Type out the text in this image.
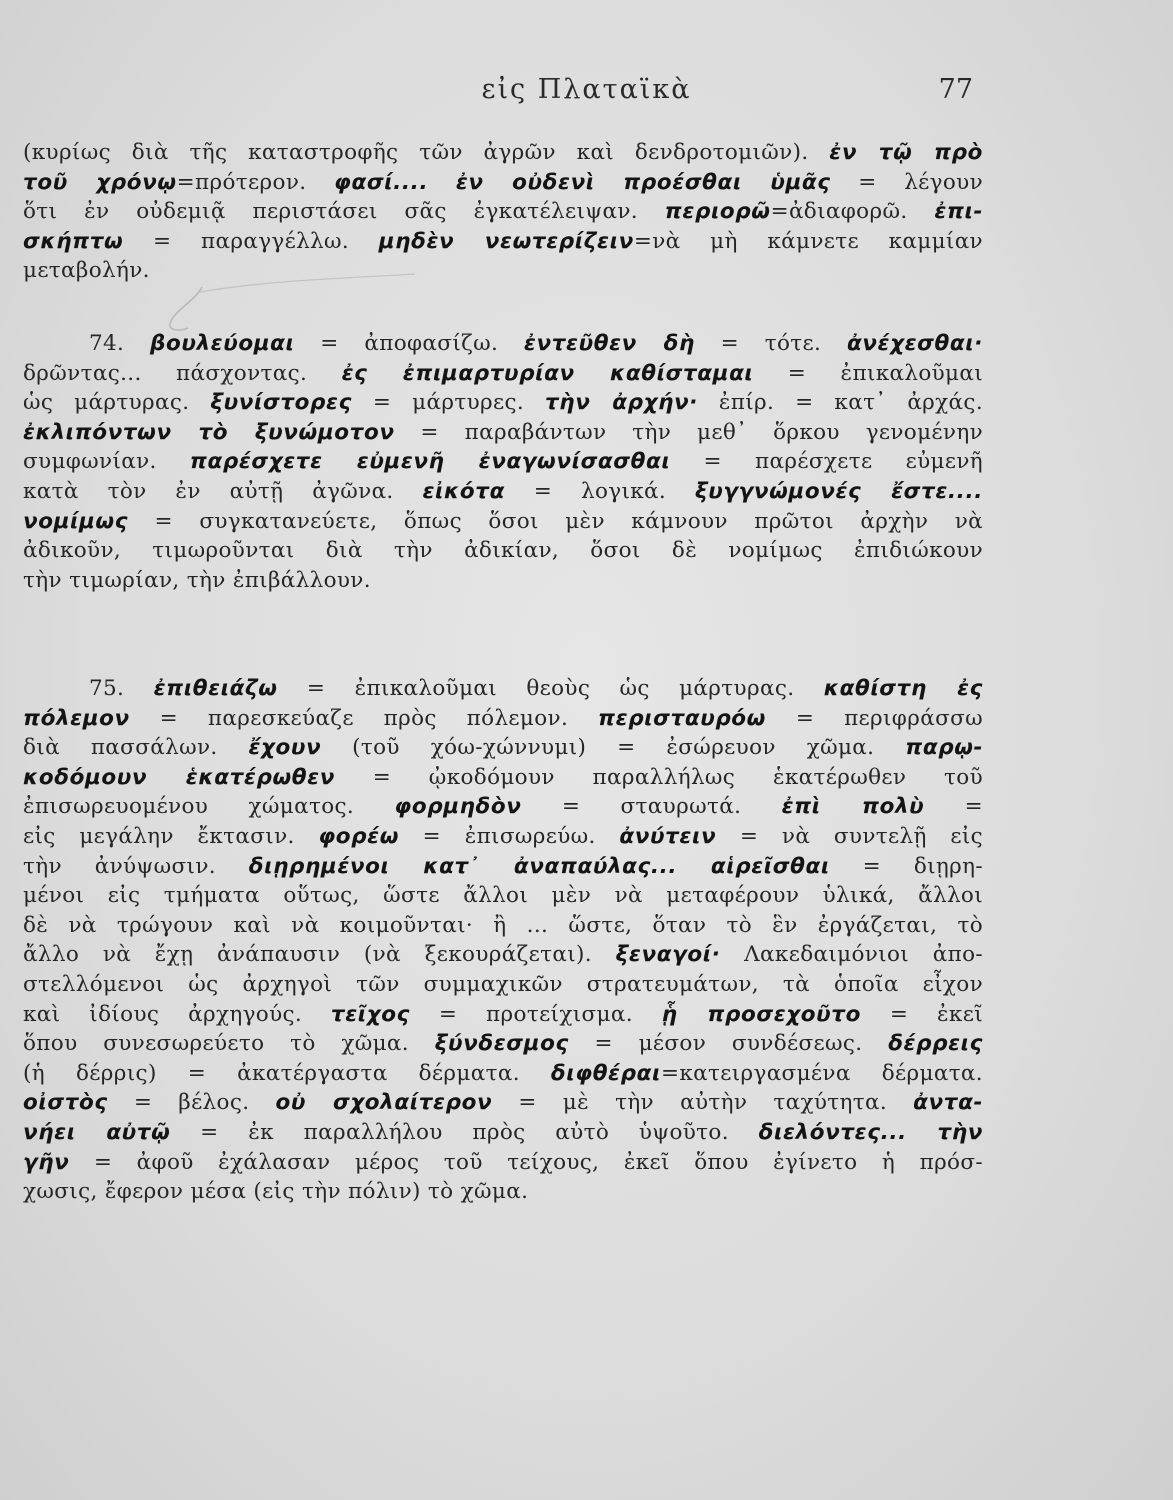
εἰς Πλαταϊκὰ	77
(κυρίως διὰ τῆς καταστροφῆς τῶν ἀγρῶν καὶ δενδροτομιῶν). ἐν τῷ πρὸ
τοῦ χρόνῳ=πρότερον. φασί.... ἐν οὐδενὶ προέσθαι ὑμᾶς = λέγουν
ὅτι ἐν οὐδεμιᾷ περιστάσει σᾶς ἐγκατέλειψαν. περιορῶ=ἀδιαφορῶ. ἐπι-
σκήπτω = παραγγέλλω. μηδὲν νεωτερίζειν=νὰ μὴ κάμνετε καμμίαν
μεταβολήν.
74. βουλεύομαι = ἀποφασίζω. ἐντεῦθεν δὴ = τότε. ἀνέχεσθαι·
δρῶντας... πάσχοντας. ἐς ἐπιμαρτυρίαν καθίσταμαι = ἐπικαλοῦμαι
ὡς μάρτυρας. ξυνίστορες = μάρτυρες. τὴν ἀρχήν· ἐπίρ. = κατ᾽ ἀρχάς.
ἐκλιπόντων τὸ ξυνώμοτον = παραβάντων τὴν μεθ᾽ ὅρκου γενομένην
συμφωνίαν. παρέσχετε εὐμενῆ ἐναγωνίσασθαι = παρέσχετε εὐμενῆ
κατὰ τὸν ἐν αὐτῇ ἀγῶνα. εἰκότα = λογικά. ξυγγνώμονές ἔστε....
νομίμως = συγκατανεύετε, ὅπως ὅσοι μὲν κάμνουν πρῶτοι ἀρχὴν νὰ
ἀδικοῦν, τιμωροῦνται διὰ τὴν ἀδικίαν, ὅσοι δὲ νομίμως ἐπιδιώκουν
τὴν τιμωρίαν, τὴν ἐπιβάλλουν.
75. ἐπιθειάζω = ἐπικαλοῦμαι θεοὺς ὡς μάρτυρας. καθίστη ἐς
πόλεμον = παρεσκεύαζε πρὸς πόλεμον. περισταυρόω = περιφράσσω
διὰ πασσάλων. ἔχουν (τοῦ χόω-χώννυμι) = ἐσώρευον χῶμα. παρῳ-
κοδόμουν ἑκατέρωθεν = ᾠκοδόμουν παραλλήλως ἑκατέρωθεν τοῦ
ἐπισωρευομένου χώματος. φορμηδὸν = σταυρωτά. ἐπὶ πολὺ =
εἰς μεγάλην ἔκτασιν. φορέω = ἐπισωρεύω. ἀνύτειν = νὰ συντελῇ εἰς
τὴν ἀνύψωσιν. διῃρημένοι κατ᾽ ἀναπαύλας... αἱρεῖσθαι = διῃρη-
μένοι εἰς τμήματα οὕτως, ὥστε ἄλλοι μὲν νὰ μεταφέρουν ὑλικά, ἄλλοι
δὲ νὰ τρώγουν καὶ νὰ κοιμοῦνται· ἢ ... ὥστε, ὅταν τὸ ἓν ἐργάζεται, τὸ
ἄλλο νὰ ἔχῃ ἀνάπαυσιν (νὰ ξεκουράζεται). ξεναγοί· Λακεδαιμόνιοι ἀπο-
στελλόμενοι ὡς ἀρχηγοὶ τῶν συμμαχικῶν στρατευμάτων, τὰ ὁποῖα εἶχον
καὶ ἰδίους ἀρχηγούς. τεῖχος = προτείχισμα. ᾗ προσεχοῦτο = ἐκεῖ
ὅπου συνεσωρεύετο τὸ χῶμα. ξύνδεσμος = μέσον συνδέσεως. δέρρεις
(ἡ δέρρις) = ἀκατέργαστα δέρματα. διφθέραι=κατειργασμένα δέρματα.
οἰστὸς = βέλος. οὐ σχολαίτερον = μὲ τὴν αὐτὴν ταχύτητα. ἀντα-
νήει αὐτῷ = ἐκ παραλλήλου πρὸς αὐτὸ ὑψοῦτο. διελόντες... τὴν
γῆν = ἀφοῦ ἐχάλασαν μέρος τοῦ τείχους, ἐκεῖ ὅπου ἐγίνετο ἡ πρόσ-
χωσις, ἔφερον μέσα (εἰς τὴν πόλιν) τὸ χῶμα.
